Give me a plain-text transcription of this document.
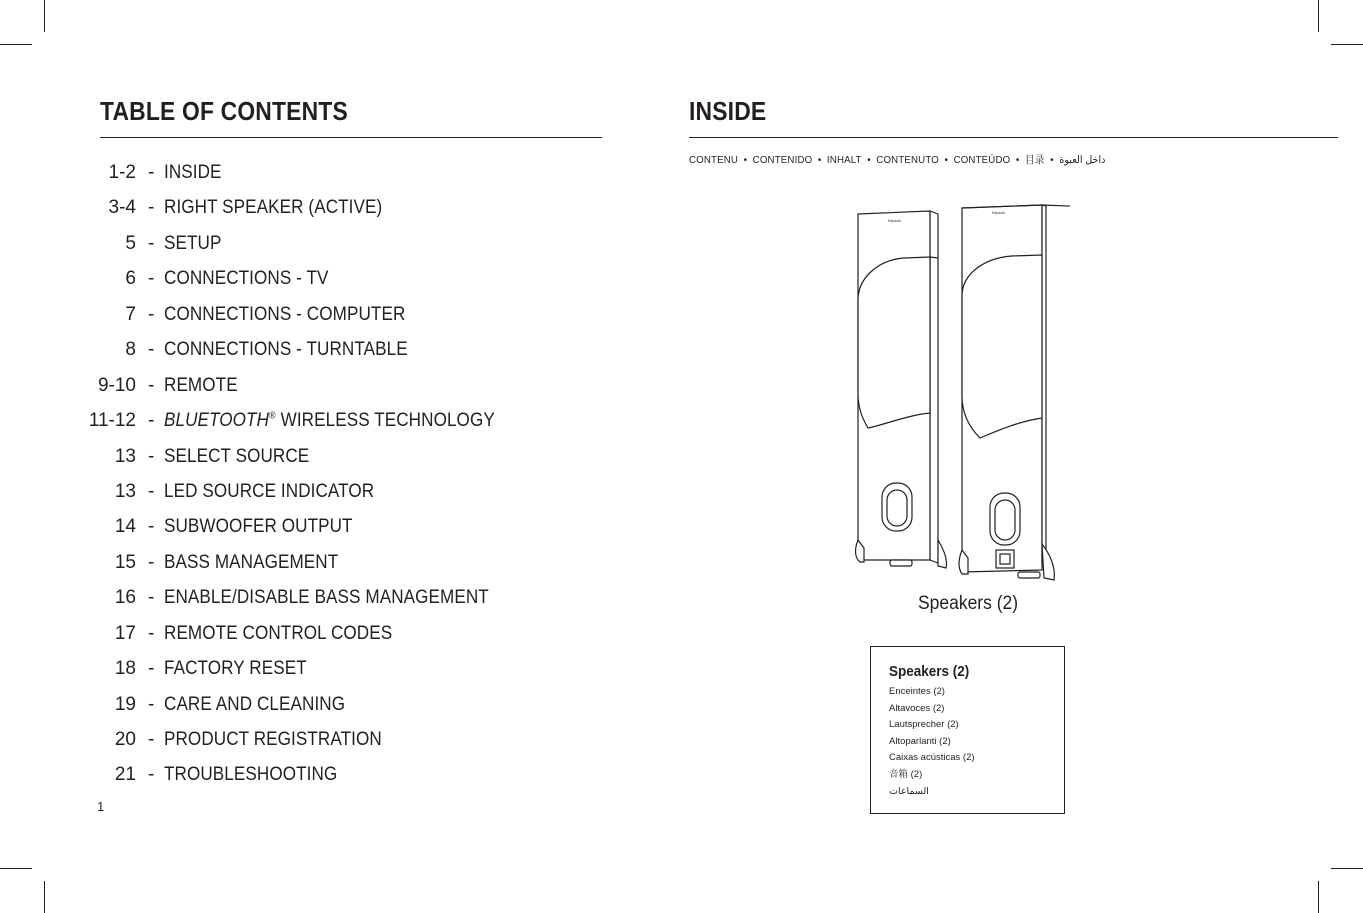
TABLE OF CONTENTS
1-2 - INSIDE
3-4 - RIGHT SPEAKER (ACTIVE)
5 - SETUP
6 - CONNECTIONS - TV
7 - CONNECTIONS - COMPUTER
8 - CONNECTIONS - TURNTABLE
9-10 - REMOTE
11-12 - BLUETOOTH® WIRELESS TECHNOLOGY
13 - SELECT SOURCE
13 - LED SOURCE INDICATOR
14 - SUBWOOFER OUTPUT
15 - BASS MANAGEMENT
16 - ENABLE/DISABLE BASS MANAGEMENT
17 - REMOTE CONTROL CODES
18 - FACTORY RESET
19 - CARE AND CLEANING
20 - PRODUCT REGISTRATION
21 - TROUBLESHOOTING
1
INSIDE
CONTENU • CONTENIDO • INHALT • CONTENUTO • CONTEÚDO • 目录 • داخل العبوة
Klipsch
Klipsch
Speakers (2)
Speakers (2)
Enceintes (2)
Altavoces (2)
Lautsprecher (2)
Altoparlanti (2)
Caixas acústicas (2)
音箱 (2)
السماعات
